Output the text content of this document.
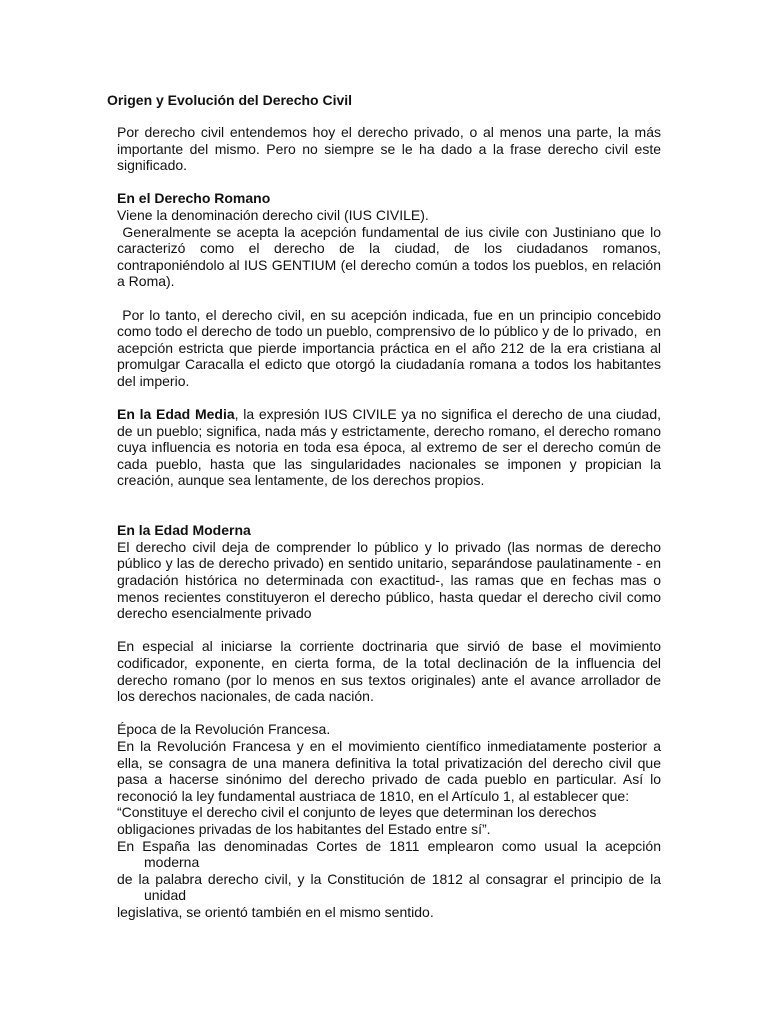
Origen y Evolución del Derecho Civil

Por derecho civil entendemos hoy el derecho privado, o al menos una parte, la más importante del mismo. Pero no siempre se le ha dado a la frase derecho civil este significado.

En el Derecho Romano

Viene la denominación derecho civil (IUS CIVILE).

Generalmente se acepta la acepción fundamental de ius civile con Justiniano que lo caracterizó como el derecho de la ciudad, de los ciudadanos romanos, contraponiéndolo al IUS GENTIUM (el derecho común a todos los pueblos, en relación a Roma).

Por lo tanto, el derecho civil, en su acepción indicada, fue en un principio concebido como todo el derecho de todo un pueblo, comprensivo de lo público y de lo privado,  en acepción estricta que pierde importancia práctica en el año 212 de la era cristiana al promulgar Caracalla el edicto que otorgó la ciudadanía romana a todos los habitantes del imperio.

En la Edad Media, la expresión IUS CIVILE ya no significa el derecho de una ciudad, de un pueblo; significa, nada más y estrictamente, derecho romano, el derecho romano cuya influencia es notoria en toda esa época, al extremo de ser el derecho común de cada pueblo, hasta que las singularidades nacionales se imponen y propician la creación, aunque sea lentamente, de los derechos propios.

En la Edad Moderna

El derecho civil deja de comprender lo público y lo privado (las normas de derecho público y las de derecho privado) en sentido unitario, separándose paulatinamente - en gradación histórica no determinada con exactitud-, las ramas que en fechas mas o menos recientes constituyeron el derecho público, hasta quedar el derecho civil como derecho esencialmente privado

En especial al iniciarse la corriente doctrinaria que sirvió de base el movimiento codificador, exponente, en cierta forma, de la total declinación de la influencia del derecho romano (por lo menos en sus textos originales) ante el avance arrollador de los derechos nacionales, de cada nación.

Época de la Revolución Francesa.

En la Revolución Francesa y en el movimiento científico inmediatamente posterior a ella, se consagra de una manera definitiva la total privatización del derecho civil que pasa a hacerse sinónimo del derecho privado de cada pueblo en particular. Así lo reconoció la ley fundamental austriaca de 1810, en el Artículo 1, al establecer que:

“Constituye el derecho civil el conjunto de leyes que determinan los derechos

obligaciones privadas de los habitantes del Estado entre sí”.

En España las denominadas Cortes de 1811 emplearon como usual la acepción moderna

de la palabra derecho civil, y la Constitución de 1812 al consagrar el principio de la unidad

legislativa, se orientó también en el mismo sentido.
